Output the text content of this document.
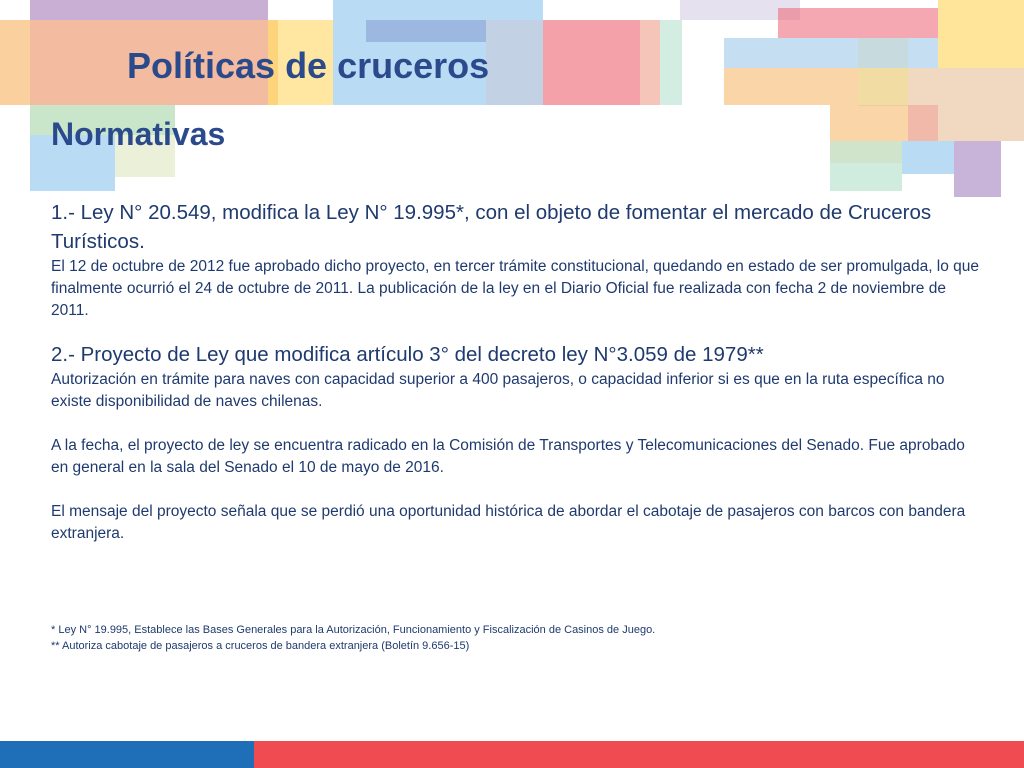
Políticas de cruceros
Normativas

1.- Ley N° 20.549, modifica la Ley N° 19.995*, con el objeto de fomentar el mercado de Cruceros Turísticos.

El 12 de octubre de 2012 fue aprobado dicho proyecto, en tercer trámite constitucional, quedando en estado de ser promulgada, lo que finalmente ocurrió el 24 de octubre de 2011. La publicación de la ley en el Diario Oficial fue realizada con fecha 2 de noviembre de 2011.

2.- Proyecto de Ley que modifica artículo 3° del decreto ley N°3.059 de 1979**

Autorización en trámite para naves con capacidad superior a 400 pasajeros, o capacidad inferior si es que en la ruta específica no existe disponibilidad de naves chilenas.

A la fecha, el proyecto de ley se encuentra radicado en la Comisión de Transportes y Telecomunicaciones del Senado. Fue aprobado en general en la sala del Senado el 10 de mayo de 2016.

El mensaje del proyecto señala que se perdió una oportunidad histórica de abordar el cabotaje de pasajeros con barcos con bandera extranjera.

* Ley N° 19.995, Establece las Bases Generales para la Autorización, Funcionamiento y Fiscalización de Casinos de Juego.

** Autoriza cabotaje de pasajeros a cruceros de bandera extranjera (Boletín 9.656-15)
